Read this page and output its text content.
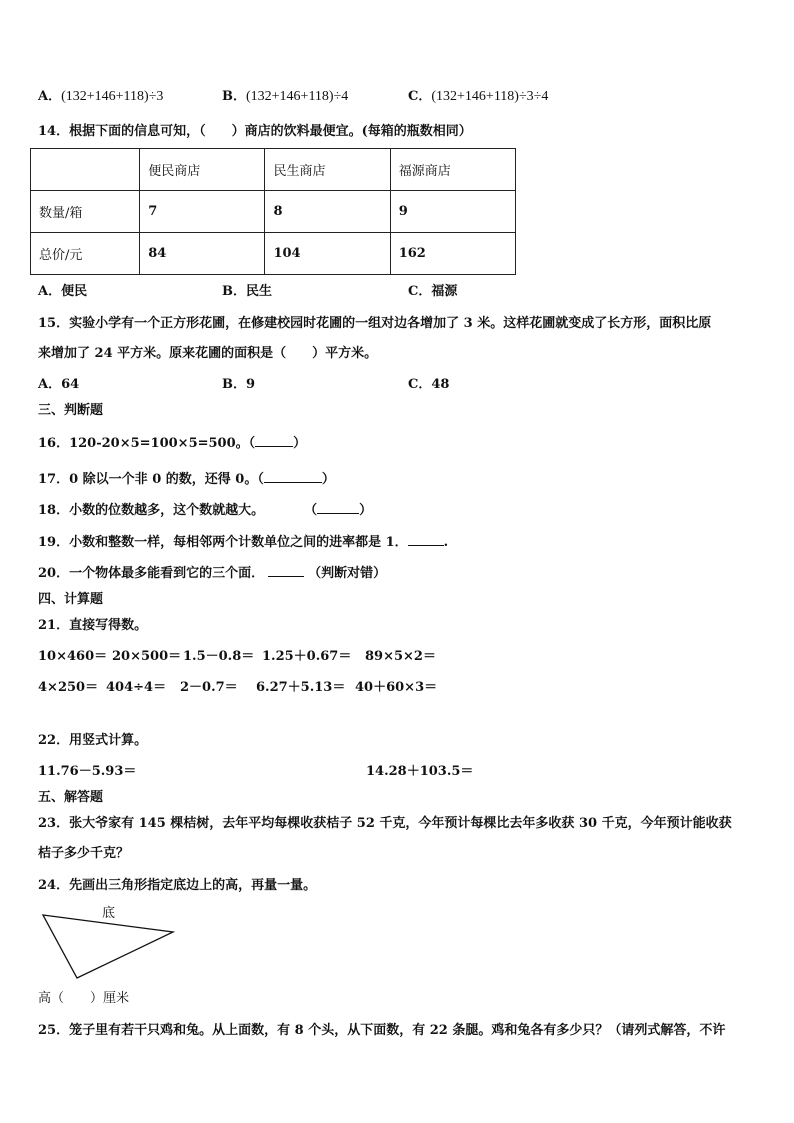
A．(132+146+118)÷3	B．(132+146+118)÷4	C．(132+146+118)÷3÷4
14．根据下面的信息可知，（　　）商店的饮料最便宜。(每箱的瓶数相同）
	便民商店	民生商店	福源商店
数量/箱	7	8	9
总价/元	84	104	162
A．便民	B．民生	C．福源
15．实验小学有一个正方形花圃，在修建校园时花圃的一组对边各增加了 3 米。这样花圃就变成了长方形，面积比原
来增加了 24 平方米。原来花圃的面积是（　　）平方米。
A．64	B．9	C．48
三、判断题
16．120-20×5=100×5=500。（	）
17．0 除以一个非 0 的数，还得 0。（	）
18．小数的位数越多，这个数就越大。	（	）
19．小数和整数一样，每相邻两个计数单位之间的进率都是 1．	.
20．一个物体最多能看到它的三个面．	（判断对错）
四、计算题
21．直接写得数。
10×460＝ 20×500＝ 1.5－0.8＝ 1.25＋0.67＝ 89×5×2＝
4×250＝ 404÷4＝ 2－0.7＝ 6.27＋5.13＝ 40＋60×3＝
22．用竖式计算。
11.76－5.93＝	14.28＋103.5＝
五、解答题
23．张大爷家有 145 棵桔树，去年平均每棵收获桔子 52 千克，今年预计每棵比去年多收获 30 千克，今年预计能收获
桔子多少千克？
24．先画出三角形指定底边上的高，再量一量。
底
高（　　）厘米
25．笼子里有若干只鸡和兔。从上面数，有 8 个头，从下面数，有 22 条腿。鸡和兔各有多少只？（请列式解答，不许
